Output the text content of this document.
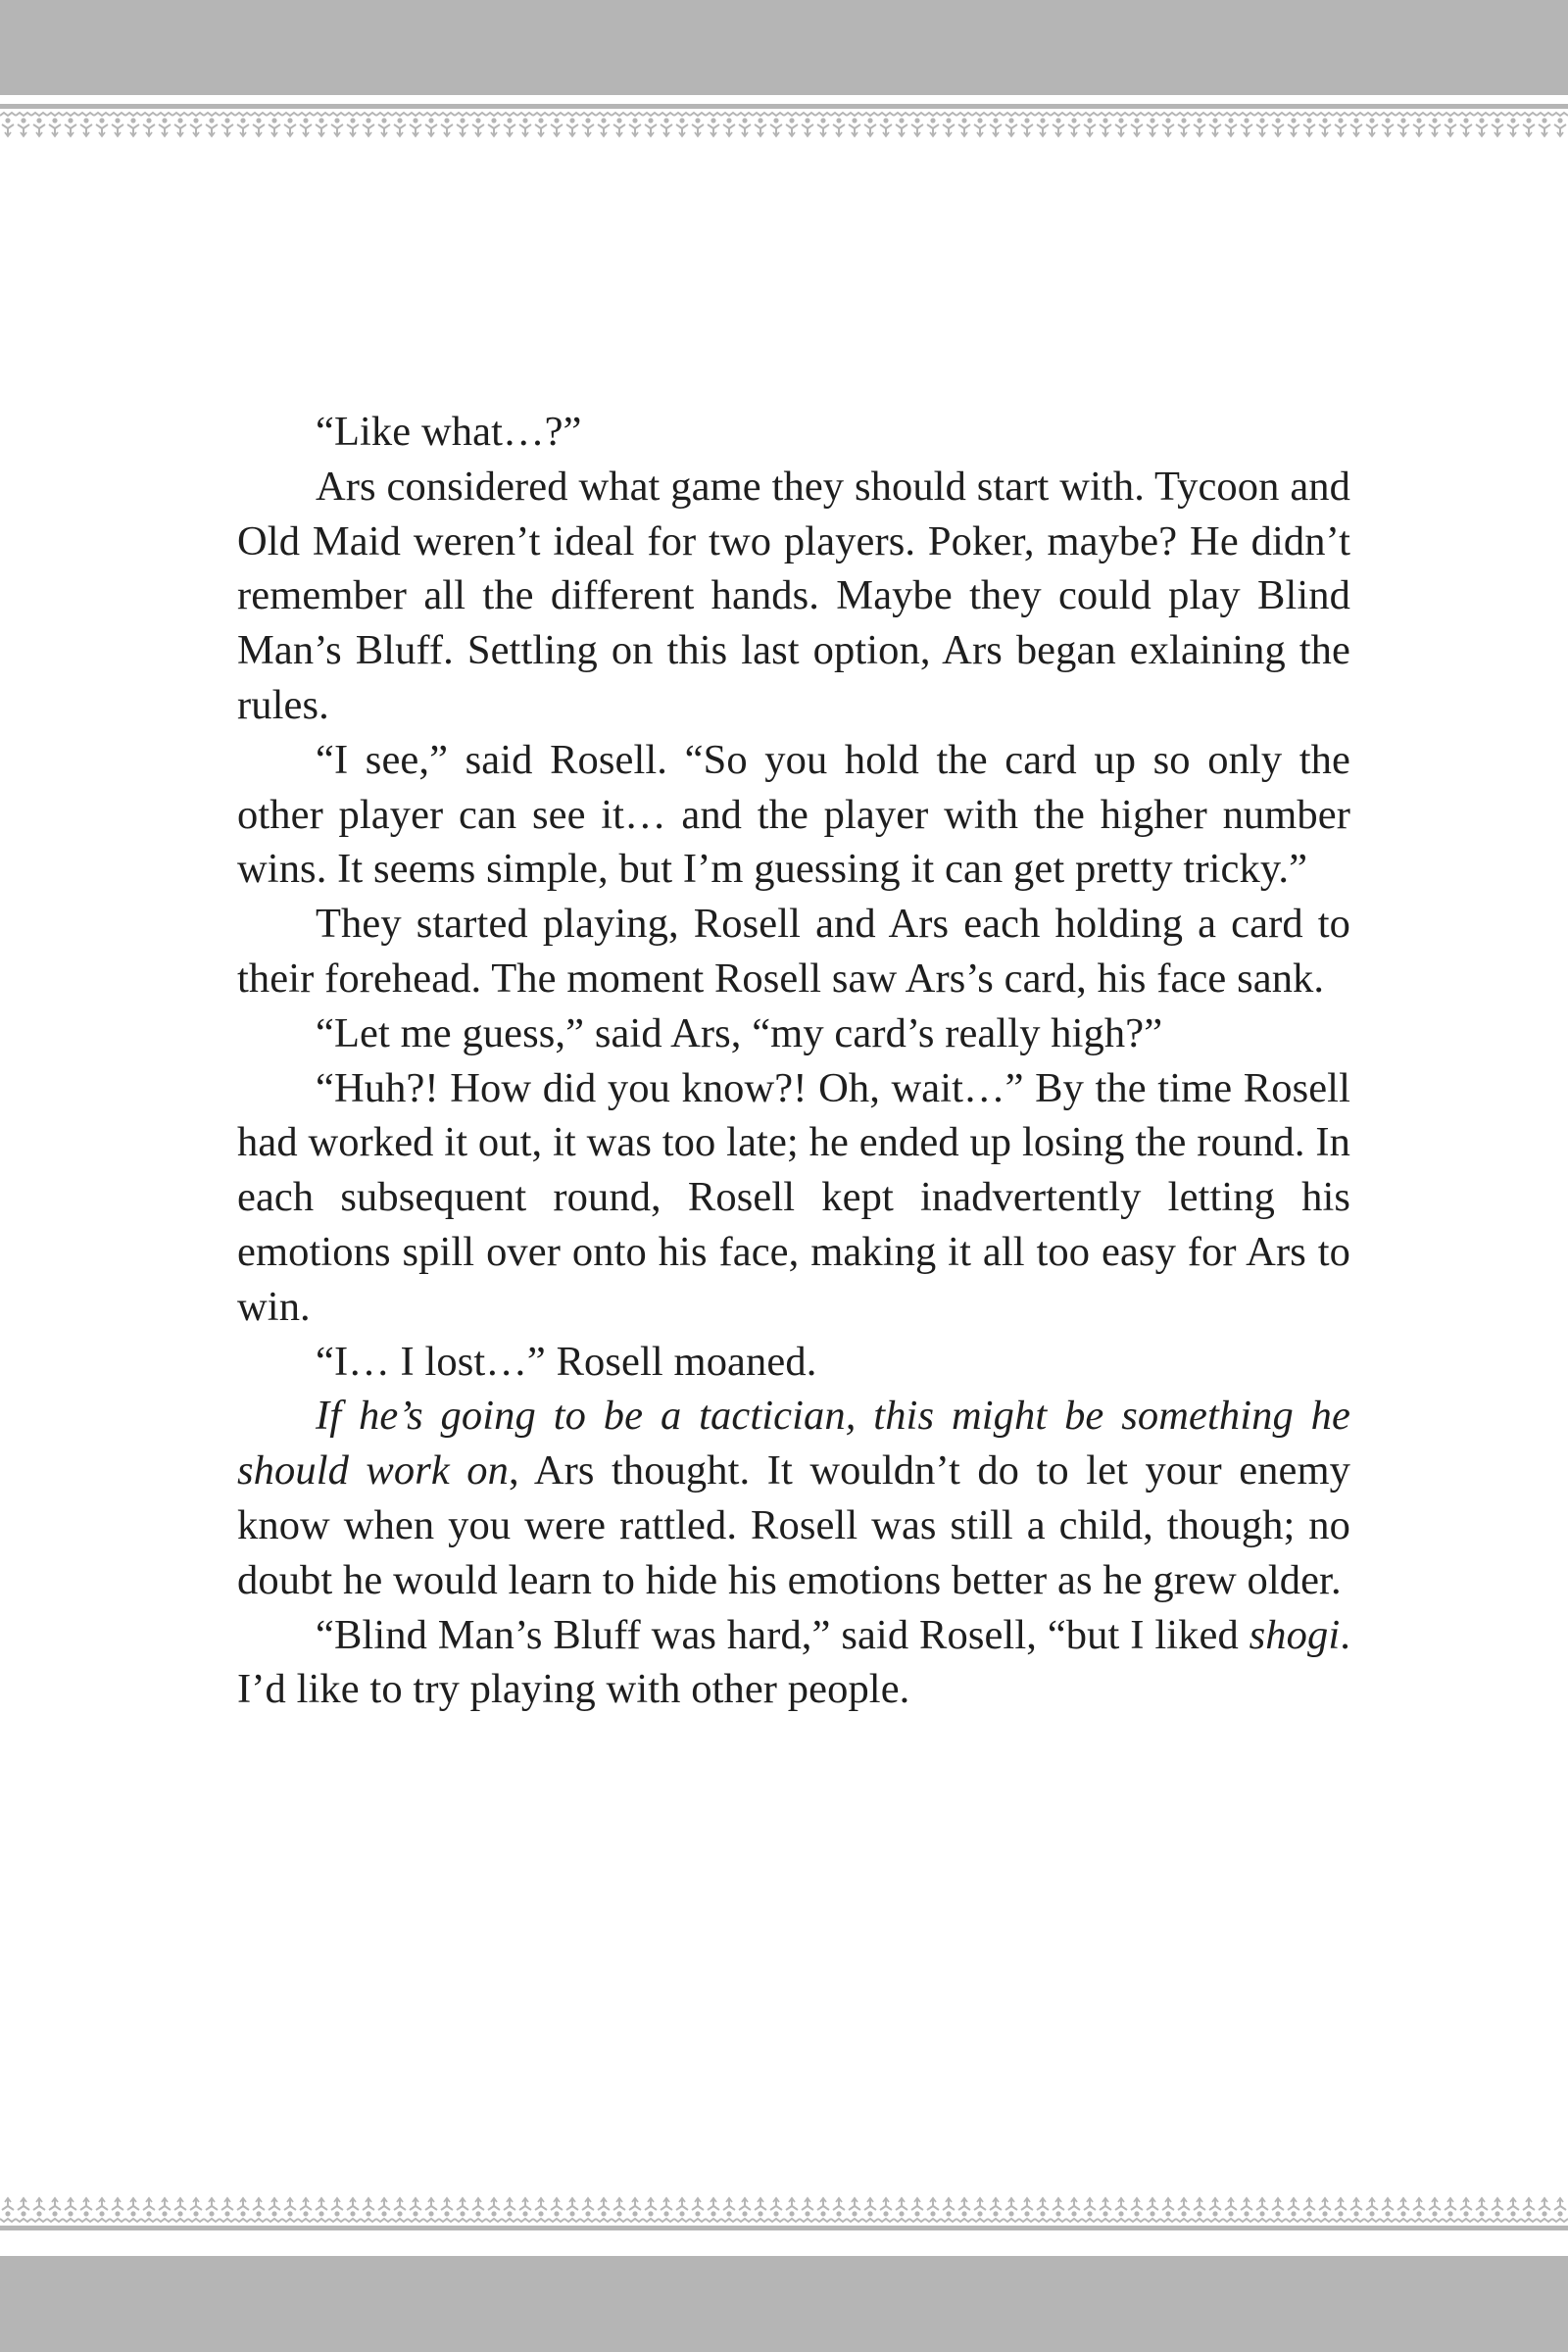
“Like what…?”

Ars considered what game they should start with. Tycoon and Old Maid weren’t ideal for two players. Poker, maybe? He didn’t remember all the different hands. Maybe they could play Blind Man’s Bluff. Settling on this last option, Ars began exlaining the rules.

“I see,” said Rosell. “So you hold the card up so only the other player can see it… and the player with the higher number wins. It seems simple, but I’m guessing it can get pretty tricky.”

They started playing, Rosell and Ars each holding a card to their forehead. The moment Rosell saw Ars’s card, his face sank.

“Let me guess,” said Ars, “my card’s really high?”

“Huh?! How did you know?! Oh, wait…” By the time Rosell had worked it out, it was too late; he ended up losing the round. In each subsequent round, Rosell kept inadvertently letting his emotions spill over onto his face, making it all too easy for Ars to win.

“I… I lost…” Rosell moaned.

If he’s going to be a tactician, this might be something he should work on, Ars thought. It wouldn’t do to let your enemy know when you were rattled. Rosell was still a child, though; no doubt he would learn to hide his emotions better as he grew older.

“Blind Man’s Bluff was hard,” said Rosell, “but I liked shogi. I’d like to try playing with other people.
